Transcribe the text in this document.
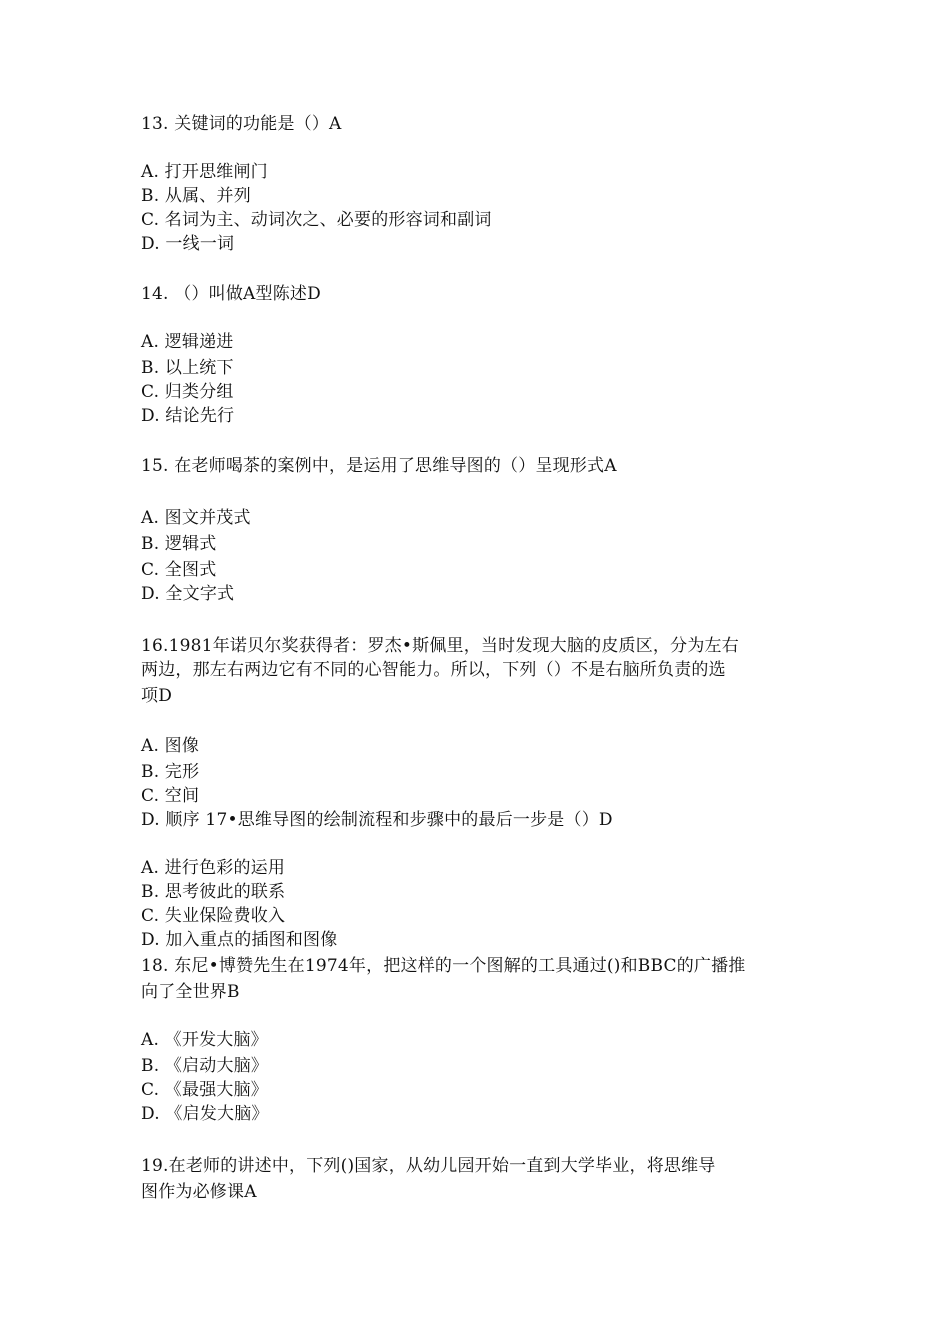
13. 关键词的功能是（）A
A. 打开思维闸门
B. 从属、并列
C. 名词为主、动词次之、必要的形容词和副词
D. 一线一词
14. （）叫做A型陈述D
A. 逻辑递进
B. 以上统下
C. 归类分组
D. 结论先行
15. 在老师喝茶的案例中，是运用了思维导图的（）呈现形式A
A. 图文并茂式
B. 逻辑式
C. 全图式
D. 全文字式
16.1981年诺贝尔奖获得者：罗杰•斯佩里，当时发现大脑的皮质区，分为左右
两边，那左右两边它有不同的心智能力。所以，下列（）不是右脑所负责的选
项D
A. 图像
B. 完形
C. 空间
D. 顺序 17•思维导图的绘制流程和步骤中的最后一步是（）D
A. 进行色彩的运用
B. 思考彼此的联系
C. 失业保险费收入
D. 加入重点的插图和图像
18. 东尼•博赞先生在1974年，把这样的一个图解的工具通过()和BBC的广播推
向了全世界B
A. 《开发大脑》
B. 《启动大脑》
C. 《最强大脑》
D. 《启发大脑》
19.在老师的讲述中，下列()国家，从幼儿园开始一直到大学毕业，将思维导
图作为必修课A
